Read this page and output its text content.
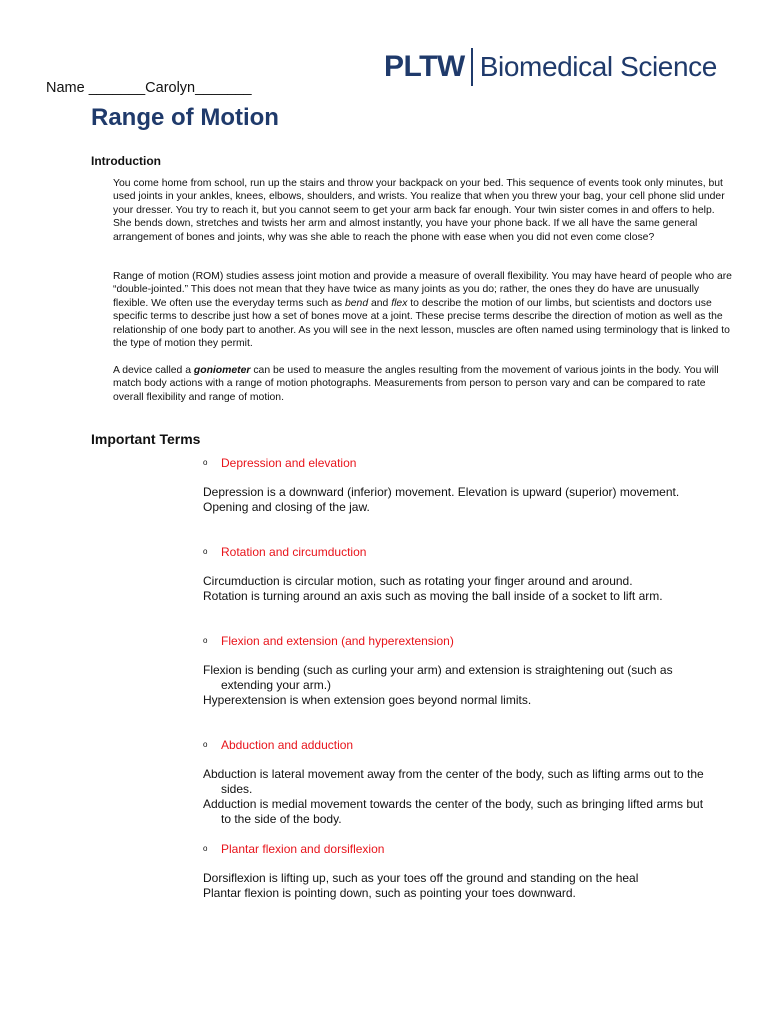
PLTW Biomedical Science
Name _______Carolyn_______
Range of Motion
Introduction

You come home from school, run up the stairs and throw your backpack on your bed. This sequence of events took only minutes, but used joints in your ankles, knees, elbows, shoulders, and wrists. You realize that when you threw your bag, your cell phone slid under your dresser. You try to reach it, but you cannot seem to get your arm back far enough. Your twin sister comes in and offers to help. She bends down, stretches and twists her arm and almost instantly, you have your phone back. If we all have the same general arrangement of bones and joints, why was she able to reach the phone with ease when you did not even come close?

Range of motion (ROM) studies assess joint motion and provide a measure of overall flexibility. You may have heard of people who are “double-jointed.” This does not mean that they have twice as many joints as you do; rather, the ones they do have are unusually flexible. We often use the everyday terms such as bend and flex to describe the motion of our limbs, but scientists and doctors use specific terms to describe just how a set of bones move at a joint. These precise terms describe the direction of motion as well as the relationship of one body part to another. As you will see in the next lesson, muscles are often named using terminology that is linked to the type of motion they permit.

A device called a goniometer can be used to measure the angles resulting from the movement of various joints in the body. You will match body actions with a range of motion photographs. Measurements from person to person vary and can be compared to rate overall flexibility and range of motion.

Important Terms
o	Depression and elevation
Depression is a downward (inferior) movement. Elevation is upward (superior) movement.
Opening and closing of the jaw.
o	Rotation and circumduction
Circumduction is circular motion, such as rotating your finger around and around.
Rotation is turning around an axis such as moving the ball inside of a socket to lift arm.
o	Flexion and extension (and hyperextension)
Flexion is bending (such as curling your arm) and extension is straightening out (such as
extending your arm.)
Hyperextension is when extension goes beyond normal limits.
o	Abduction and adduction
Abduction is lateral movement away from the center of the body, such as lifting arms out to the
sides.
Adduction is medial movement towards the center of the body, such as bringing lifted arms but
to the side of the body.
o	Plantar flexion and dorsiflexion
Dorsiflexion is lifting up, such as your toes off the ground and standing on the heal
Plantar flexion is pointing down, such as pointing your toes downward.
